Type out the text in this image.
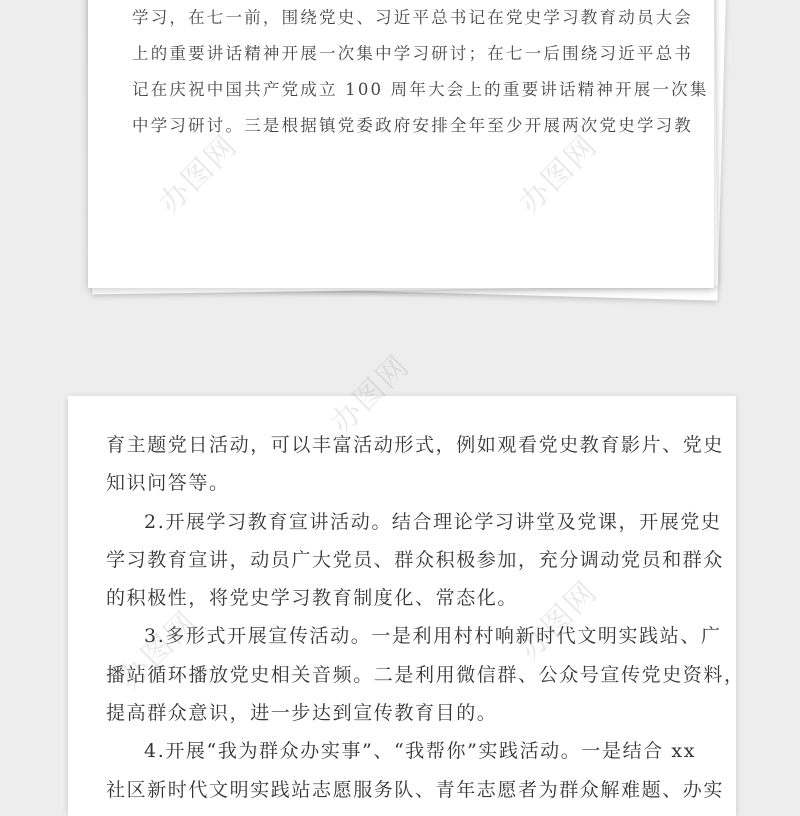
学习，在七一前，围绕党史、习近平总书记在党史学习教育动员大会
上的重要讲话精神开展一次集中学习研讨；在七一后围绕习近平总书
记在庆祝中国共产党成立 100 周年大会上的重要讲话精神开展一次集
中学习研讨。三是根据镇党委政府安排全年至少开展两次党史学习教
办图网	办图网
育主题党日活动，可以丰富活动形式，例如观看党史教育影片、党史
知识问答等。
2.开展学习教育宣讲活动。结合理论学习讲堂及党课，开展党史
学习教育宣讲，动员广大党员、群众积极参加，充分调动党员和群众
的积极性，将党史学习教育制度化、常态化。
3.多形式开展宣传活动。一是利用村村响新时代文明实践站、广
播站循环播放党史相关音频。二是利用微信群、公众号宣传党史资料，
提高群众意识，进一步达到宣传教育目的。
4.开展“我为群众办实事”、“我帮你”实践活动。一是结合 xx
社区新时代文明实践站志愿服务队、青年志愿者为群众解难题、办实
办图网	办图网
办图网
